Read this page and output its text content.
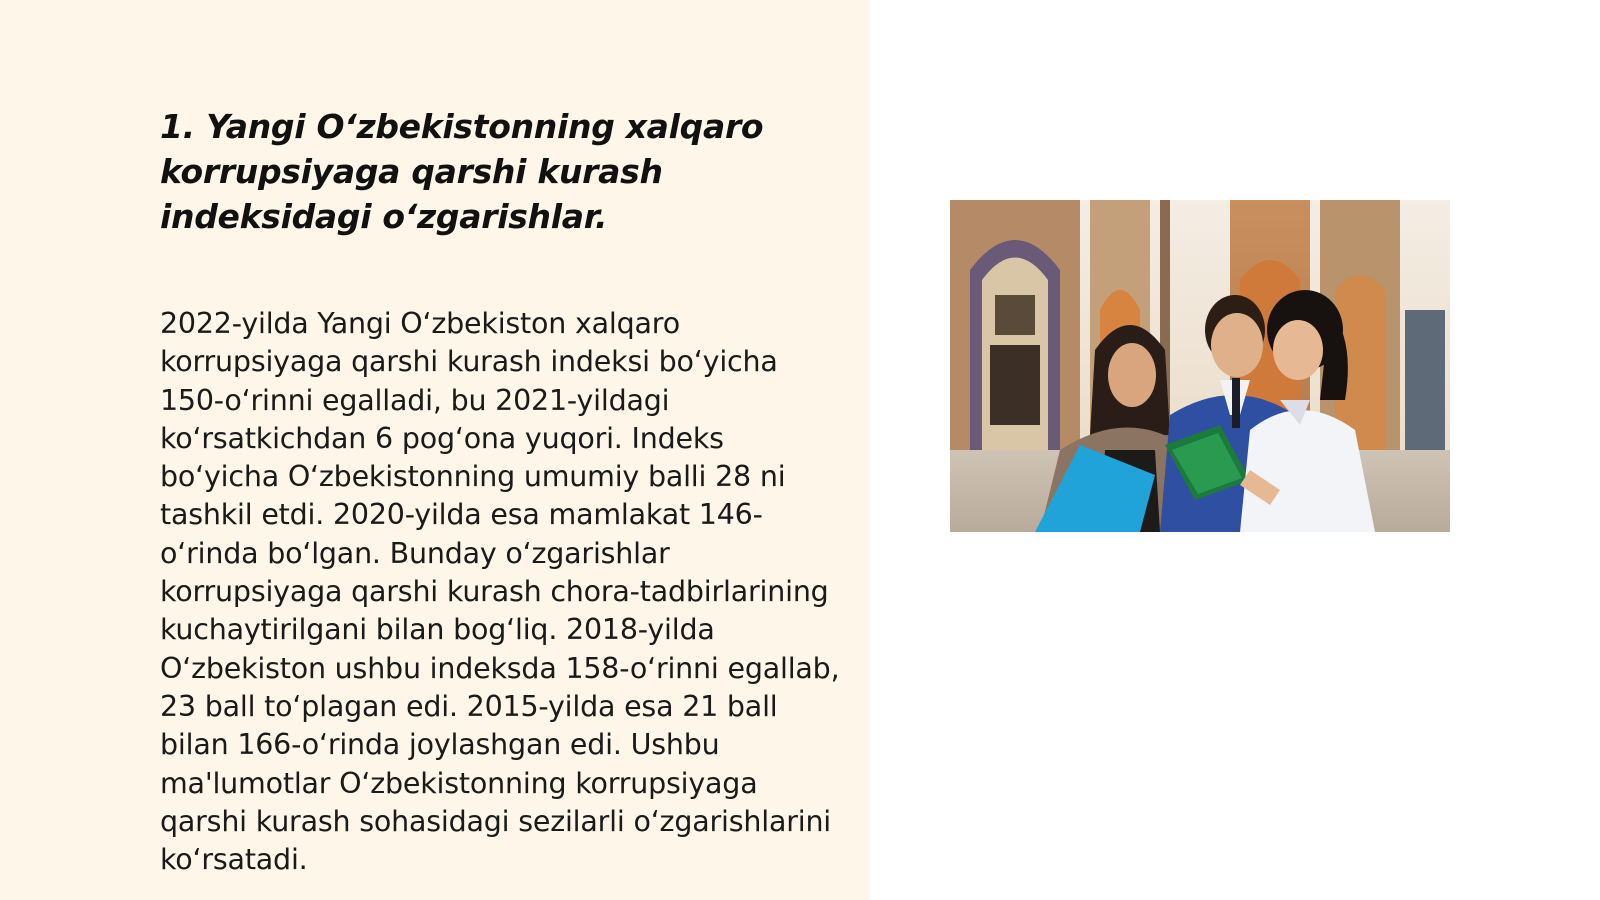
1. Yangi O‘zbekistonning xalqaro korrupsiyaga qarshi kurash indeksidagi o‘zgarishlar.

2022-yilda Yangi O‘zbekiston xalqaro korrupsiyaga qarshi kurash indeksi bo‘yicha 150-o‘rinni egalladi, bu 2021-yildagi ko‘rsatkichdan 6 pog‘ona yuqori. Indeks bo‘yicha O‘zbekistonning umumiy balli 28 ni tashkil etdi. 2020-yilda esa mamlakat 146-o‘rinda bo‘lgan. Bunday o‘zgarishlar korrupsiyaga qarshi kurash chora-tadbirlarining kuchaytirilgani bilan bog‘liq. 2018-yilda O‘zbekiston ushbu indeksda 158-o‘rinni egallab, 23 ball to‘plagan edi. 2015-yilda esa 21 ball bilan 166-o‘rinda joylashgan edi. Ushbu ma'lumotlar O‘zbekistonning korrupsiyaga qarshi kurash sohasidagi sezilarli o‘zgarishlarini ko‘rsatadi.
